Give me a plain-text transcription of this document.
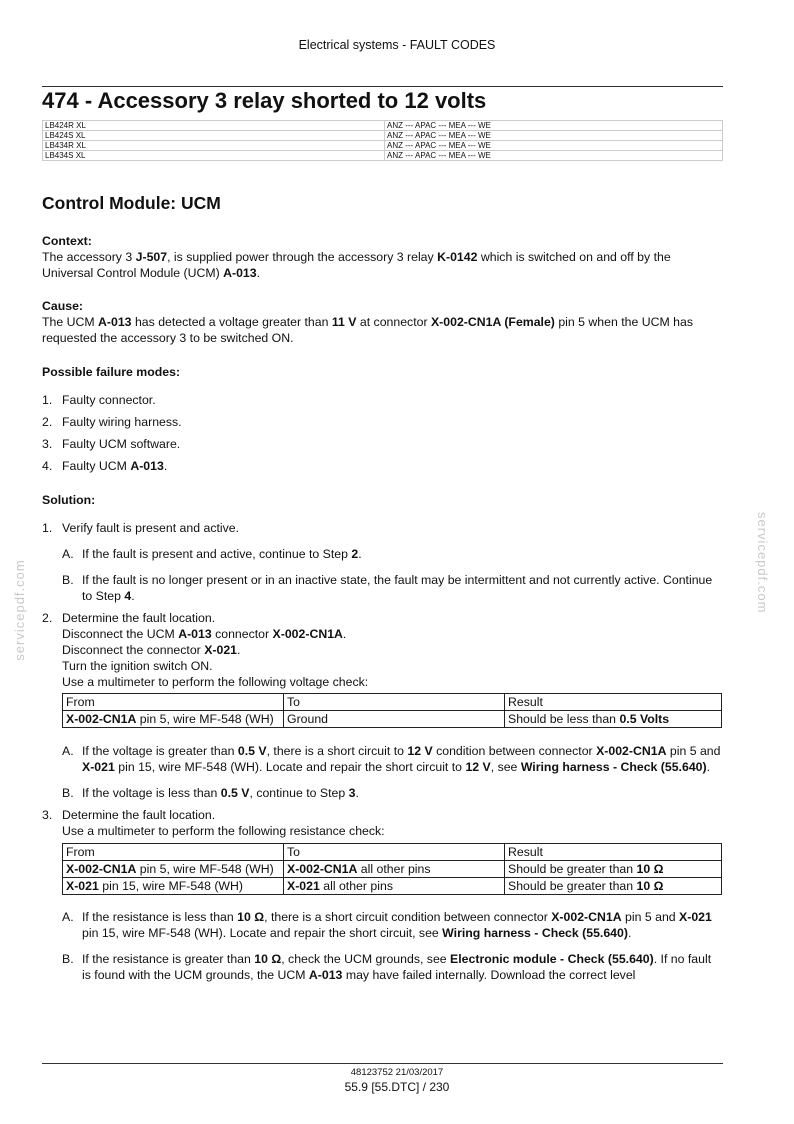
Electrical systems - FAULT CODES
474 - Accessory 3 relay shorted to 12 volts
LB424R XL	ANZ --- APAC --- MEA --- WE
LB424S XL	ANZ --- APAC --- MEA --- WE
LB434R XL	ANZ --- APAC --- MEA --- WE
LB434S XL	ANZ --- APAC --- MEA --- WE
Control Module: UCM
Context:
The accessory 3 J-507, is supplied power through the accessory 3 relay K-0142 which is switched on and off by the Universal Control Module (UCM) A-013.
Cause:
The UCM A-013 has detected a voltage greater than 11 V at connector X-002-CN1A (Female) pin 5 when the UCM has requested the accessory 3 to be switched ON.
Possible failure modes:
1. Faulty connector.
2. Faulty wiring harness.
3. Faulty UCM software.
4. Faulty UCM A-013.
Solution:
1. Verify fault is present and active.
A. If the fault is present and active, continue to Step 2.
B. If the fault is no longer present or in an inactive state, the fault may be intermittent and not currently active. Continue to Step 4.
2. Determine the fault location.
Disconnect the UCM A-013 connector X-002-CN1A.
Disconnect the connector X-021.
Turn the ignition switch ON.
Use a multimeter to perform the following voltage check:
From	To	Result
X-002-CN1A pin 5, wire MF-548 (WH)	Ground	Should be less than 0.5 Volts
A. If the voltage is greater than 0.5 V, there is a short circuit to 12 V condition between connector X-002-CN1A pin 5 and X-021 pin 15, wire MF-548 (WH). Locate and repair the short circuit to 12 V, see Wiring harness - Check (55.640).
B. If the voltage is less than 0.5 V, continue to Step 3.
3. Determine the fault location.
Use a multimeter to perform the following resistance check:
From	To	Result
X-002-CN1A pin 5, wire MF-548 (WH)	X-002-CN1A all other pins	Should be greater than 10 Ω
X-021 pin 15, wire MF-548 (WH)	X-021 all other pins	Should be greater than 10 Ω
A. If the resistance is less than 10 Ω, there is a short circuit condition between connector X-002-CN1A pin 5 and X-021 pin 15, wire MF-548 (WH). Locate and repair the short circuit, see Wiring harness - Check (55.640).
B. If the resistance is greater than 10 Ω, check the UCM grounds, see Electronic module - Check (55.640). If no fault is found with the UCM grounds, the UCM A-013 may have failed internally. Download the correct level
servicepdf.com	servicepdf.com
48123752 21/03/2017
55.9 [55.DTC] / 230
